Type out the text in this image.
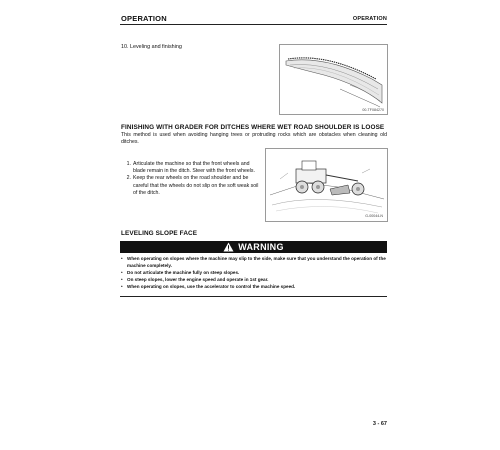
OPERATION	OPERATION
10. Leveling and finishing
00-TF084270
FINISHING WITH GRADER FOR DITCHES WHERE WET ROAD SHOULDER IS LOOSE
This method is used when avoiding hanging trees or protruding rocks which are obstacles when cleaning old ditches.
1. Articulate the machine so that the front wheels and blade remain in the ditch. Steer with the front wheels.
2. Keep the rear wheels on the road shoulder and be careful that the wheels do not slip on the soft weak soil of the ditch.
G-00044-N
LEVELING SLOPE FACE
WARNING
• When operating on slopes where the machine may slip to the side, make sure that you understand the operation of the machine completely.
• Do not articulate the machine fully on steep slopes.
• On steep slopes, lower the engine speed and operate in 1st gear.
• When operating on slopes, use the accelerator to control the machine speed.
3 - 67
